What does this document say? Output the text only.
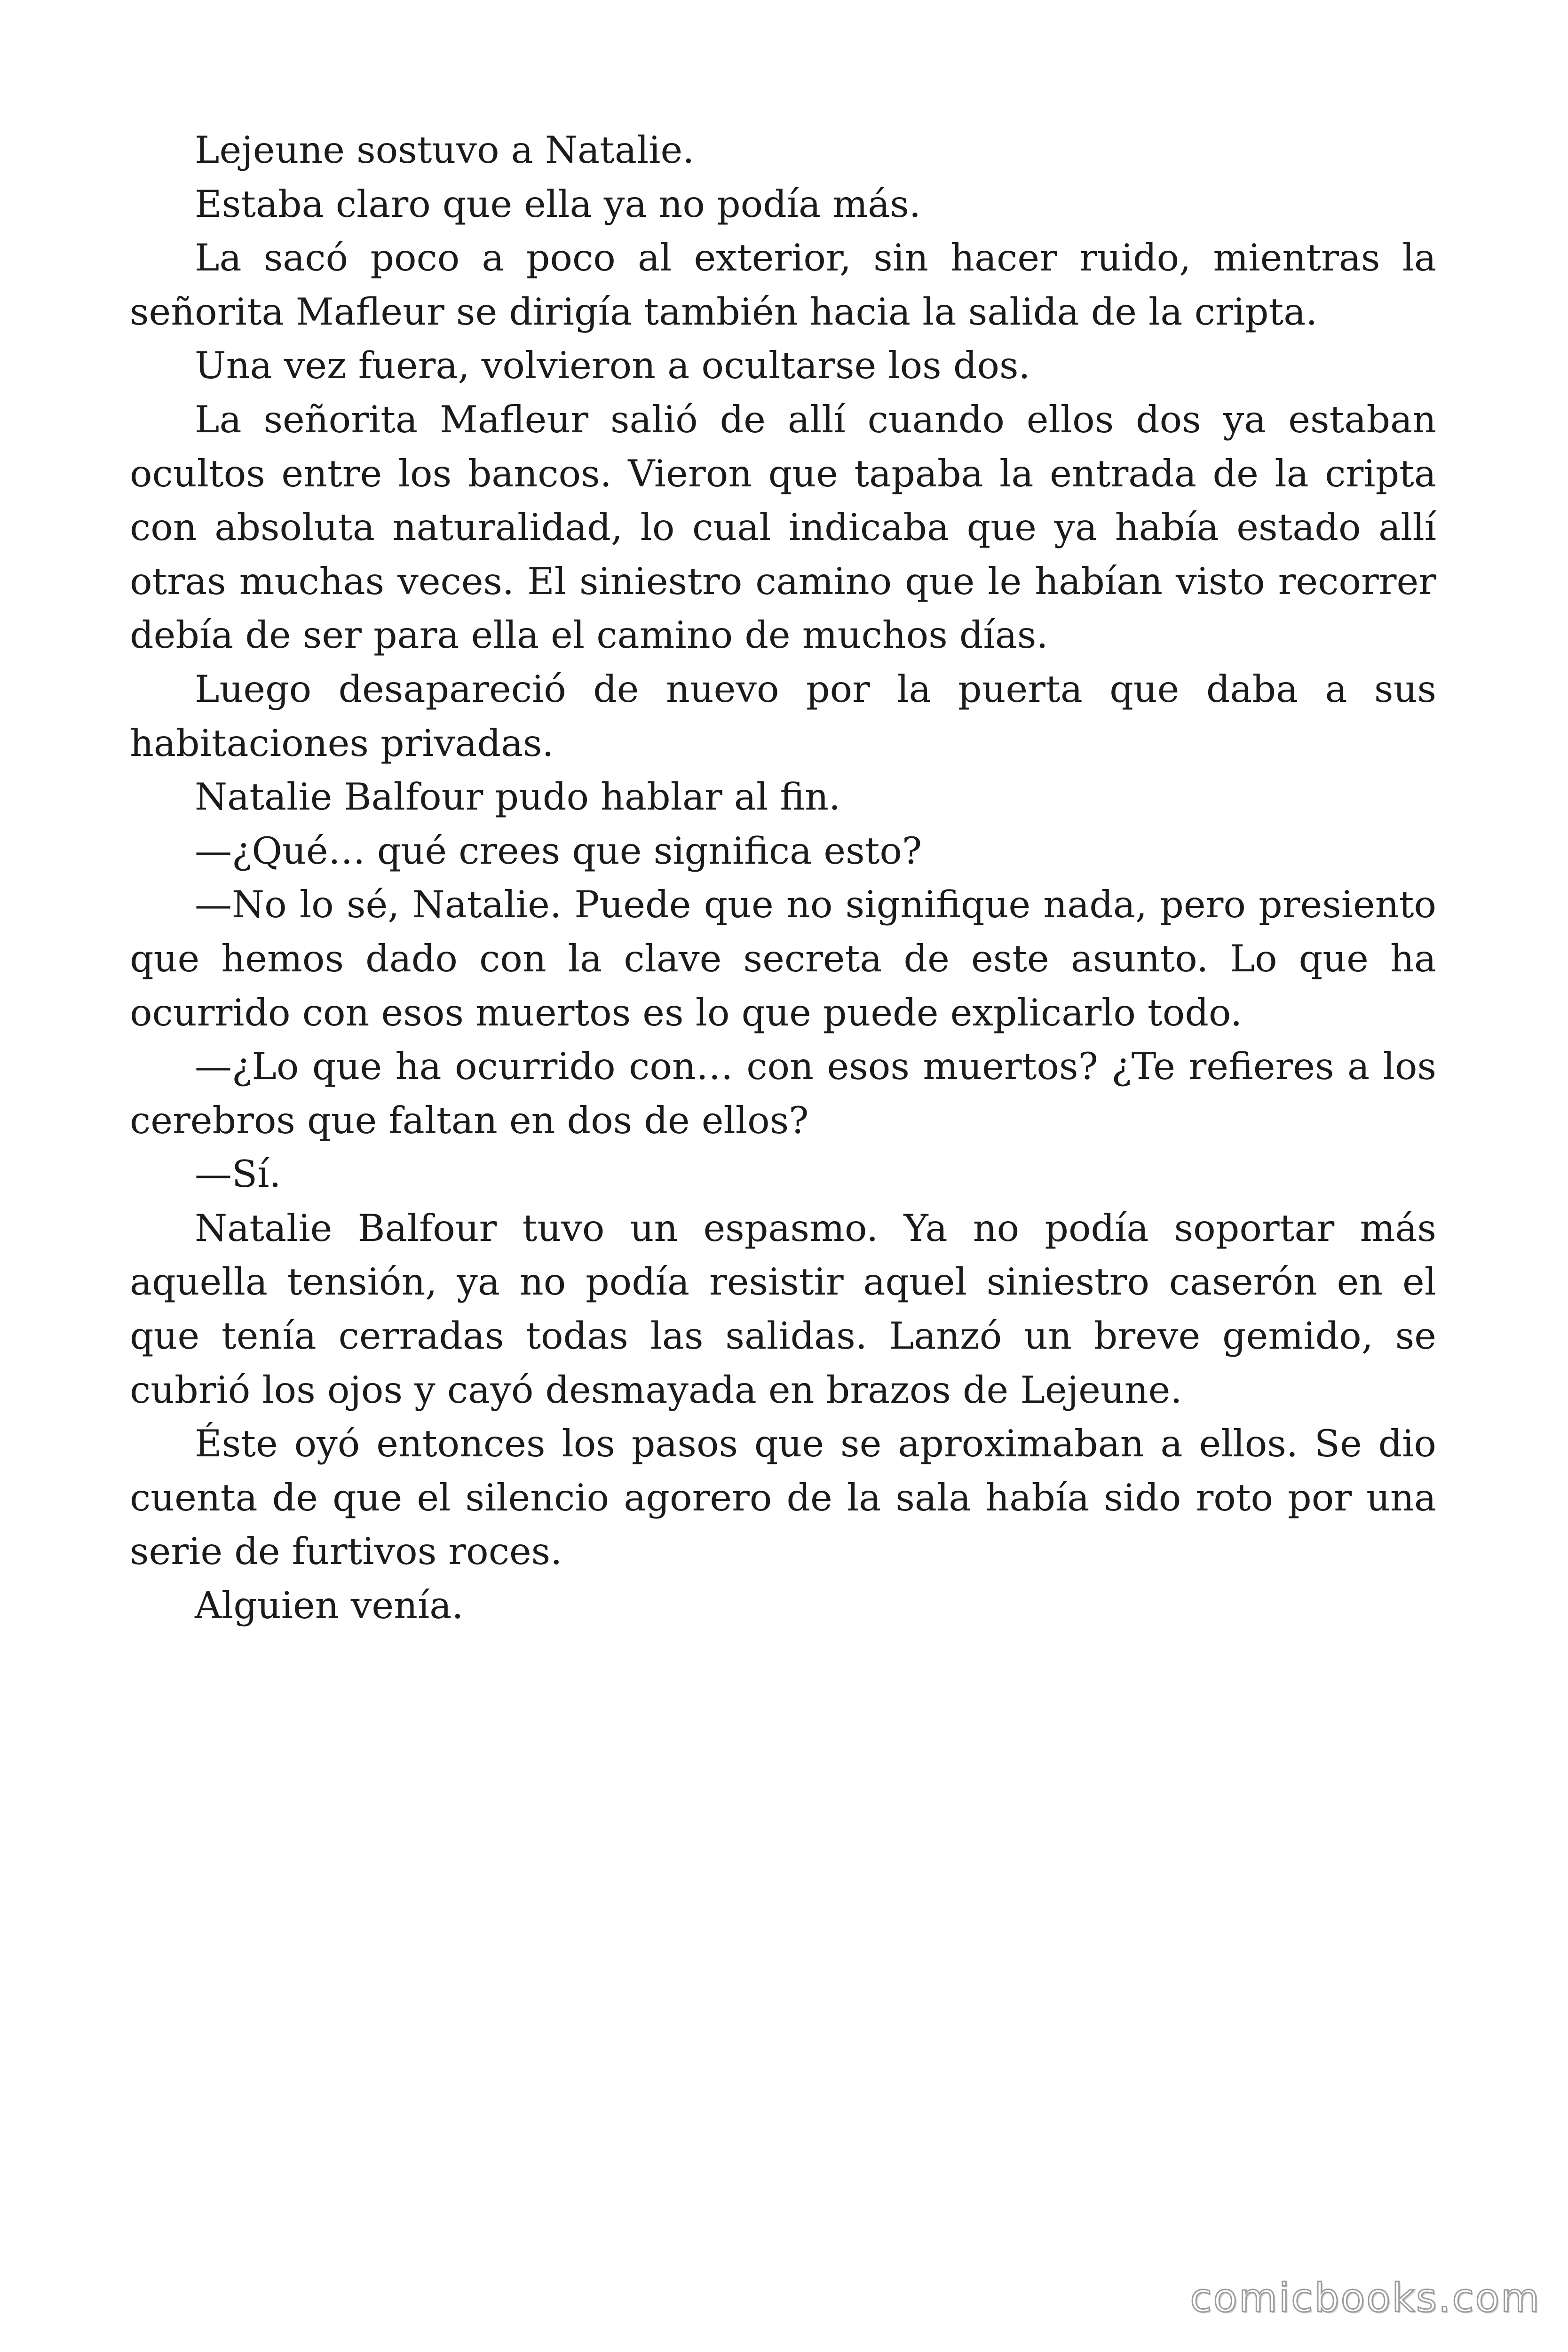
Lejeune sostuvo a Natalie.

Estaba claro que ella ya no podía más.

La sacó poco a poco al exterior, sin hacer ruido, mientras la señorita Mafleur se dirigía también hacia la salida de la cripta.

Una vez fuera, volvieron a ocultarse los dos.

La señorita Mafleur salió de allí cuando ellos dos ya estaban ocultos entre los bancos. Vieron que tapaba la entrada de la cripta con absoluta naturalidad, lo cual indicaba que ya había estado allí otras muchas veces. El siniestro camino que le habían visto recorrer debía de ser para ella el camino de muchos días.

Luego desapareció de nuevo por la puerta que daba a sus habitaciones privadas.

Natalie Balfour pudo hablar al fin.

—¿Qué… qué crees que significa esto?

—No lo sé, Natalie. Puede que no signifique nada, pero presiento que hemos dado con la clave secreta de este asunto. Lo que ha ocurrido con esos muertos es lo que puede explicarlo todo.

—¿Lo que ha ocurrido con… con esos muertos? ¿Te refieres a los cerebros que faltan en dos de ellos?

—Sí.

Natalie Balfour tuvo un espasmo. Ya no podía soportar más aquella tensión, ya no podía resistir aquel siniestro caserón en el que tenía cerradas todas las salidas. Lanzó un breve gemido, se cubrió los ojos y cayó desmayada en brazos de Lejeune.

Éste oyó entonces los pasos que se aproximaban a ellos. Se dio cuenta de que el silencio agorero de la sala había sido roto por una serie de furtivos roces.

Alguien venía.

comicbooks.com
